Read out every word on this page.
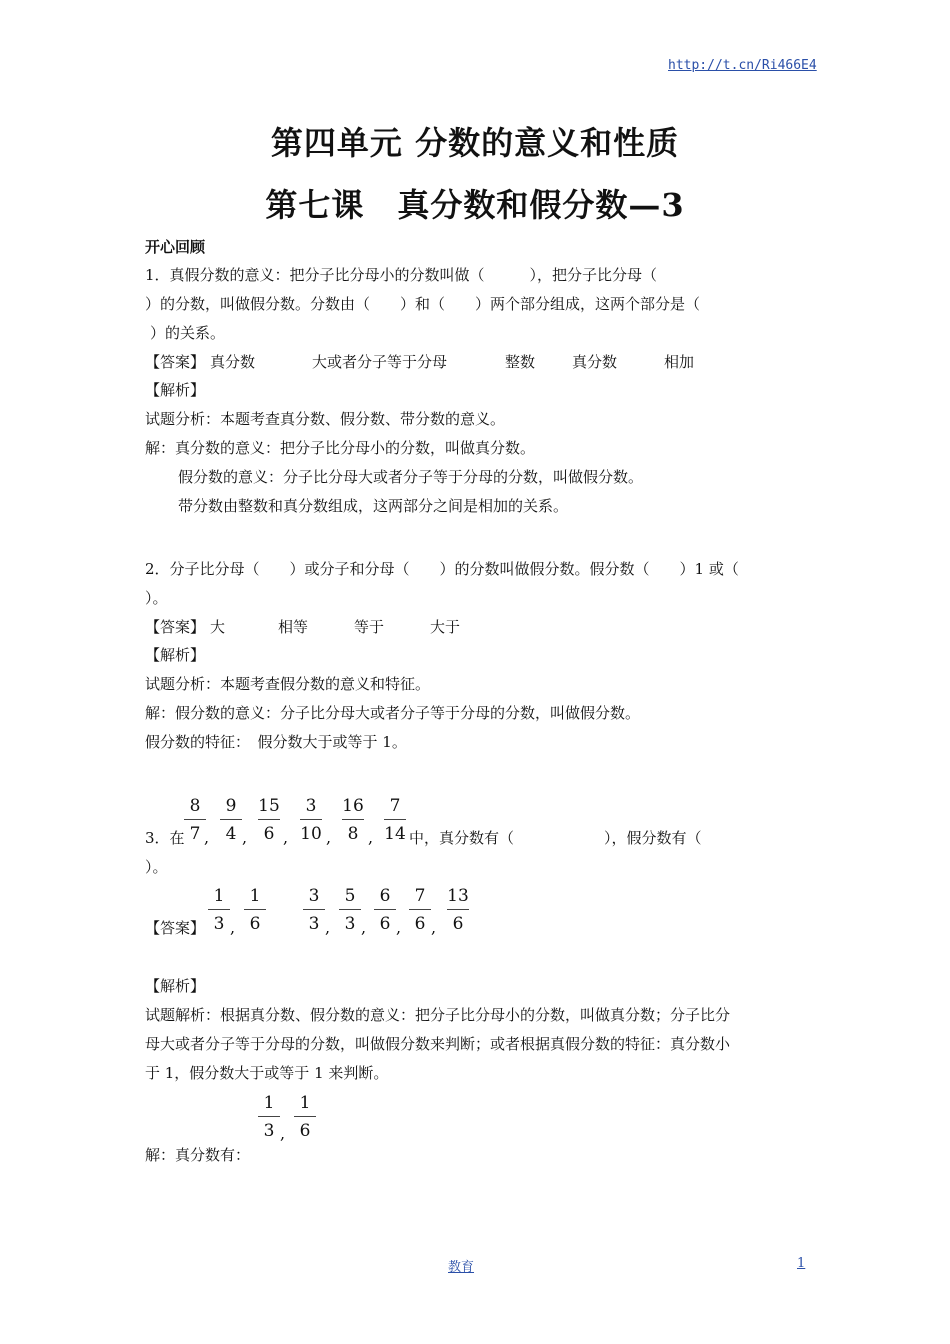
http://t.cn/Ri466E4
第四单元 分数的意义和性质
第七课　真分数和假分数—3
开心回顾
1．真假分数的意义：把分子比分母小的分数叫做（　　　），把分子比分母（
）的分数，叫做假分数。分数由（　　）和（　　）两个部分组成，这两个部分是（
）的关系。
【答案】 真分数	大或者分子等于分母	整数 真分数	相加
【解析】
试题分析：本题考查真分数、假分数、带分数的意义。
解：真分数的意义：把分子比分母小的分数，叫做真分数。
假分数的意义：分子比分母大或者分子等于分母的分数，叫做假分数。
带分数由整数和真分数组成，这两部分之间是相加的关系。
2．分子比分母（　　）或分子和分母（　　）的分数叫做假分数。假分数（　　）1 或（
）。
【答案】 大	相等	等于	大于
【解析】
试题分析：本题考查假分数的意义和特征。
解：假分数的意义：分子比分母大或者分子等于分母的分数，叫做假分数。
假分数的特征：　假分数大于或等于 1。
3．在
8
7 ,
9
4 ,
15
6 ,
3
10 ,
16
8 ,
7
14 中，真分数有（　　　　　　），假分数有（
）。
【答案】
1
3 ,
1
6
3
3 ,
5
3 ,
6
6 ,
7
6 ,
13
6
【解析】
试题解析：根据真分数、假分数的意义：把分子比分母小的分数，叫做真分数；分子比分
母大或者分子等于分母的分数，叫做假分数来判断；或者根据真假分数的特征：真分数小
于 1，假分数大于或等于 1 来判断。
1
3 ,
1
6
解：真分数有：
教育	1
